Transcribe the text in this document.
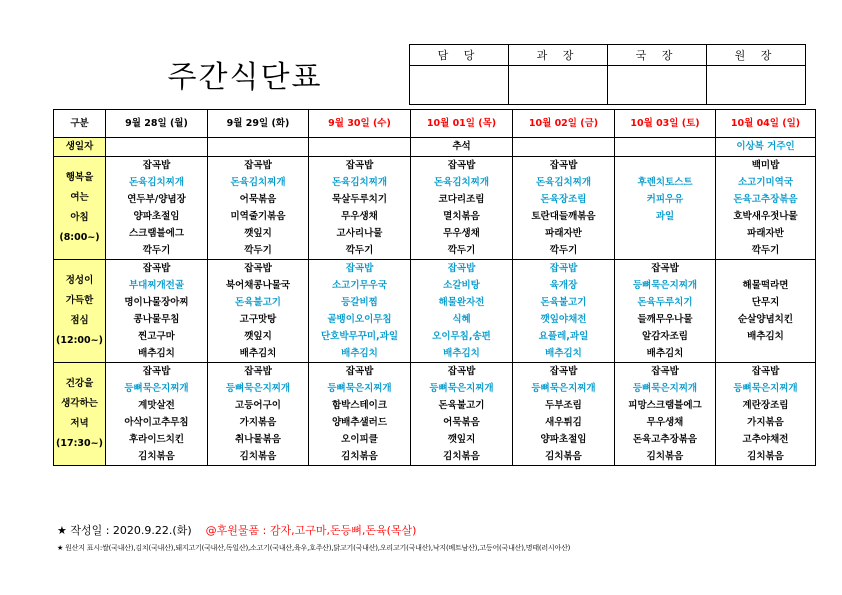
주간식단표
담 당	과 장	국 장	원 장

구분	9월 28일 (월)	9월 29일 (화)	9월 30일 (수)	10월 01일 (목)	10월 02일 (금)	10월 03일 (토)	10월 04일 (일)
생일자				추석			이상복 거주인

행복을
여는
아침
(8:00~)	잡곡밥	잡곡밥	잡곡밥	잡곡밥	잡곡밥		백미밥
	돈육김치찌개	돈육김치찌개	돈육김치찌개	돈육김치찌개	돈육김치찌개	후렌치토스트	소고기미역국
	연두부/양념장	어묵볶음	묵살두루치기	코다리조림	돈육장조림	커피우유	돈육고추장볶음
	양파초절임	미역줄기볶음	무우생채	멸치볶음	토란대들깨볶음	과일	호박새우젓나물
	스크램블에그	깻잎지	고사리나물	무우생채	파래자반		파래자반
	깍두기	깍두기	깍두기	깍두기	깍두기		깍두기

정성이
가득한
점심
(12:00~)	잡곡밥	잡곡밥	잡곡밥	잡곡밥	잡곡밥	잡곡밥	
	부대찌개전골	북어채콩나물국	소고기무우국	소갈비탕	육개장	등뼈묵은지찌개	해물떡라면
	명이나물장아찌	돈육불고기	등갈비찜	해물완자전	돈육불고기	돈육두루치기	단무지
	콩나물무침	고구맛탕	골뱅이오이무침	식혜	깻잎야채전	들깨무우나물	순살양념치킨
	찐고구마	깻잎지	단호박무꾸미,과일	오이무침,송편	요플레,과일	알감자조림	배추김치
	배추김치	배추김치	배추김치	배추김치	배추김치	배추김치	

건강을
생각하는
저녁
(17:30~)	잡곡밥	잡곡밥	잡곡밥	잡곡밥	잡곡밥	잡곡밥	잡곡밥
	등뼈묵은지찌개	등뼈묵은지찌개	등뼈묵은지찌개	등뼈묵은지찌개	등뼈묵은지찌개	등뼈묵은지찌개	등뼈묵은지찌개
	계맛살전	고등어구이	함박스테이크	돈육불고기	두부조림	피망스크램블에그	계란장조림
	아삭이고추무침	가지볶음	양배추샐러드	어묵볶음	새우튀김	무우생채	가지볶음
	후라이드치킨	취나물볶음	오이피클	깻잎지	양파초절임	돈육고추장볶음	고추야채전
	김치볶음	김치볶음	김치볶음	김치볶음	김치볶음	김치볶음	김치볶음
★ 작성일 : 2020.9.22.(화) @후원물품 : 감자,고구마,돈등뼈,돈육(목살)
★ 원산지 표시:쌀(국내산),김치(국내산),돼지고기(국내산,독일산),소고기(국내산,육우,호주산),닭고기(국내산),오리고기(국내산),낙지(베트남산),고등어(국내산),명태(러시아산)
